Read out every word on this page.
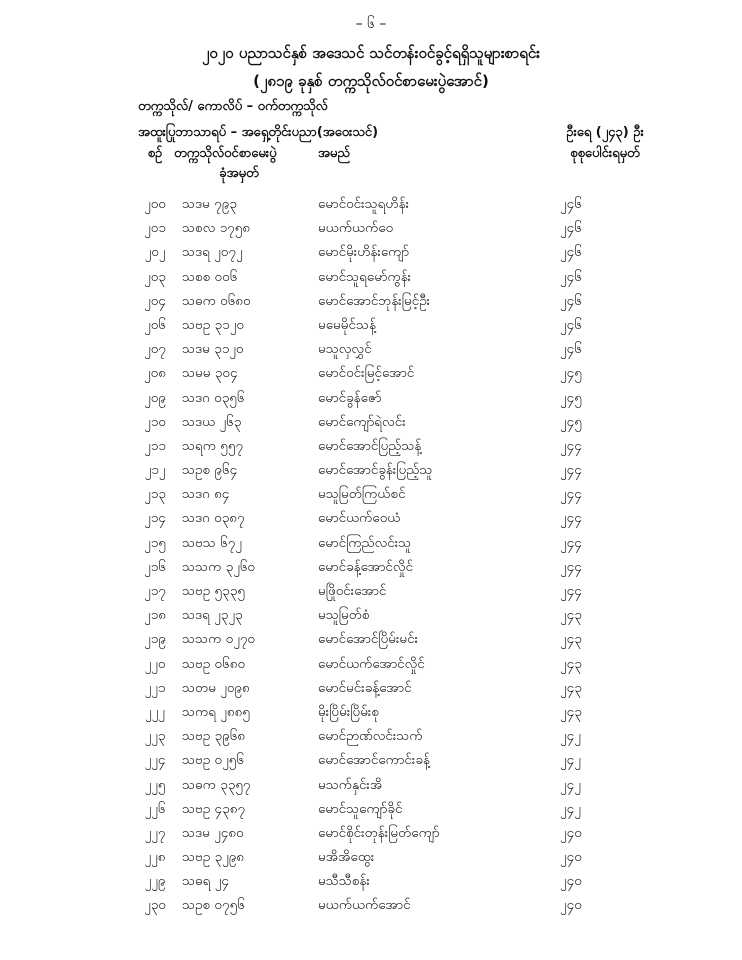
– ၆ –
၂၀၂၀ ပညာသင်နှစ် အဒေသင် သင်တန်းဝင်ခွင့်ရရှိသူများစာရင်း
(၂၈၁၉ ခုနှစ် တက္ကသိုလ်ဝင်စာမေးပွဲအောင်)
တက္ကသိုလ်/ ကောလိပ် – ဝက်တက္ကသိုလ်
အထူးပြုဘာသာရပ် – အရှေ့တိုင်းပညာ(အဝေးသင်)	ဦးရေ (၂၄၃) ဦး
စဉ် တက္ကသိုလ်ဝင်စာမေးပွဲ	အမည်	စုစုပေါင်းရမှတ်
ခုံအမှတ်
၂၀၀	သဒမ ၇၉၃	မောင်ဝင်းသူရဟိန်း	၂၄၆
၂၀၁	သစလ ၁၇၅၈	မယက်ယက်ဝေ	၂၄၆
၂၀၂	သဒရ ၂၀၇၂	မောင်မိုးဟိန်းကျော်	၂၄၆
၂၀၃	သစစ ၀၀၆	မောင်သူရမော်ကွန်း	၂၄၆
၂၀၄	သဓက ၀၆၈၀	မောင်အောင်ဘုန်းမြင့်ဦး	၂၄၆
၂၀၆	သဗဥ ၃၁၂၀	မမေမိုင်သန့်	၂၄၆
၂၀၇	သဒမ ၃၁၂၀	မသူလှလွှင်	၂၄၆
၂၀၈	သမမ ၃၀၄	မောင်ဝင်းမြင့်အောင်	၂၄၅
၂၀၉	သဒဂ ၀၃၅၆	မောင်ခွန်ဇော်	၂၄၅
၂၁၀	သဒယ ၂၆၃	မောင်ကျော်ရဲလင်း	၂၄၅
၂၁၁	သရက ၅၅၇	မောင်အောင်ပြည့်သန့်	၂၄၄
၂၁၂	သဥစ ၉၆၄	မောင်အောင်ခွန်းပြည့်သူ	၂၄၄
၂၁၃	သဒဂ ၈၄	မသူမြတ်ကြယ်စင်	၂၄၄
၂၁၄	သဒဂ ၀၃၈၇	မောင်ယက်ဝေယံ	၂၄၄
၂၁၅	သဗသ ၆၇၂	မောင်ကြည်လင်းသူ	၂၄၄
၂၁၆	သသက ၃၂၆၀	မောင်ခန့်အောင်လှိုင်	၂၄၄
၂၁၇	သဗဥ ၅၃၃၅	မဖြိုဝင်းအောင်	၂၄၄
၂၁၈	သဒရ ၂၃၂၃	မသူမြတ်စံ	၂၄၃
၂၁၉	သသက ၀၂၇၀	မောင်အောင်ပြိမ်းမင်း	၂၄၃
၂၂၀	သဗဥ ၀၆၈၀	မောင်ယက်အောင်လှိုင်	၂၄၃
၂၂၁	သတမ ၂၀၉၈	မောင်မင်းခန့်အောင်	၂၄၃
၂၂၂	သကရ ၂၈၈၅	မိုးပြိမ်းပြိမ်းစု	၂၄၃
၂၂၃	သဗဥ ၃၉၆၈	မောင်ဉာဏ်လင်းသက်	၂၄၂
၂၂၄	သဗဥ ၀၂၅၆	မောင်အောင်ကောင်းခန့်	၂၄၂
၂၂၅	သဓက ၃၃၅၇	မသက်နှင်းအိ	၂၄၂
၂၂၆	သဗဥ ၄၃၈၇	မောင်သူကျော်ခိုင်	၂၄၂
၂၂၇	သဒမ ၂၄၈၀	မောင်စိုင်းတုန်းမြတ်ကျော်	၂၄၀
၂၂၈	သဗဥ ၃၂၉၈	မအိအိထွေး	၂၄၀
၂၂၉	သဓရ ၂၄	မသီသီစန်း	၂၄၀
၂၃၀	သဥစ ၀၇၅၆	မယက်ယက်အောင်	၂၄၀
